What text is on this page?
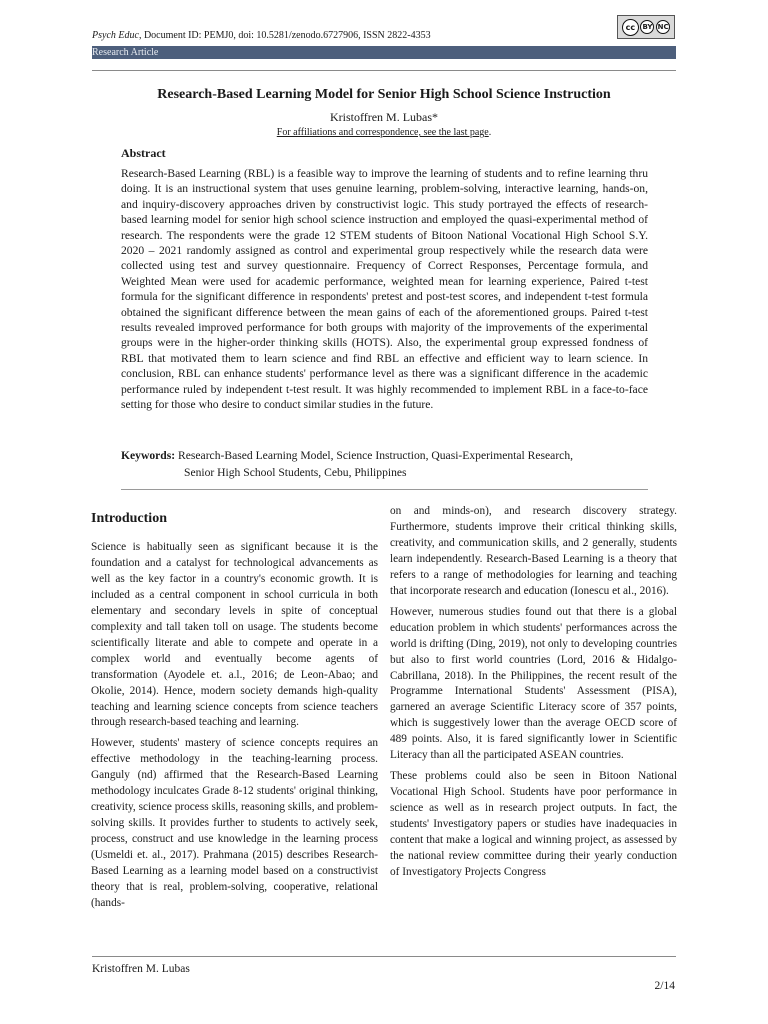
Psych Educ, Document ID: PEMJ0, doi: 10.5281/zenodo.6727906, ISSN 2822-4353
cc	BY NC
Research Article
Research-Based Learning Model for Senior High School Science Instruction
Kristoffren M. Lubas*
For affiliations and correspondence, see the last page.
Abstract
Research-Based Learning (RBL) is a feasible way to improve the learning of students and to refine learning thru doing. It is an instructional system that uses genuine learning, problem-solving, interactive learning, hands-on, and inquiry-discovery approaches driven by constructivist logic. This study portrayed the effects of research-based learning model for senior high school science instruction and employed the quasi-experimental method of research. The respondents were the grade 12 STEM students of Bitoon National Vocational High School S.Y. 2020 – 2021 randomly assigned as control and experimental group respectively while the research data were collected using test and survey questionnaire. Frequency of Correct Responses, Percentage formula, and Weighted Mean were used for academic performance, weighted mean for learning experience, Paired t-test formula for the significant difference in respondents' pretest and post-test scores, and independent t-test formula obtained the significant difference between the mean gains of each of the aforementioned groups. Paired t-test results revealed improved performance for both groups with majority of the improvements of the experimental groups were in the higher-order thinking skills (HOTS). Also, the experimental group expressed fondness of RBL that motivated them to learn science and find RBL an effective and efficient way to learn science. In conclusion, RBL can enhance students' performance level as there was a significant difference in the academic performance ruled by independent t-test result. It was highly recommended to implement RBL in a face-to-face setting for those who desire to conduct similar studies in the future.
Keywords: Research-Based Learning Model, Science Instruction, Quasi-Experimental Research,
Senior High School Students, Cebu, Philippines
Introduction

Science is habitually seen as significant because it is the foundation and a catalyst for technological advancements as well as the key factor in a country's economic growth. It is included as a central component in school curricula in both elementary and secondary levels in spite of conceptual complexity and tall taken toll on usage. The students become scientifically literate and able to compete and operate in a complex world and eventually become agents of transformation (Ayodele et. a.l., 2016; de Leon-Abao; and Okolie, 2014). Hence, modern society demands high-quality teaching and learning science concepts from science teachers through research-based teaching and learning.

However, students' mastery of science concepts requires an effective methodology in the teaching-learning process. Ganguly (nd) affirmed that the Research-Based Learning methodology inculcates Grade 8-12 students' original thinking, creativity, science process skills, reasoning skills, and problem-solving skills. It provides further to students to actively seek, process, construct and use knowledge in the learning process (Usmeldi et. al., 2017). Prahmana (2015) describes Research-Based Learning as a learning model based on a constructivist theory that is real, problem-solving, cooperative, relational (hands-

on and minds-on), and research discovery strategy. Furthermore, students improve their critical thinking skills, creativity, and communication skills, and 2 generally, students learn independently. Research-Based Learning is a theory that refers to a range of methodologies for learning and teaching that incorporate research and education (Ionescu et al., 2016).

However, numerous studies found out that there is a global education problem in which students' performances across the world is drifting (Ding, 2019), not only to developing countries but also to first world countries (Lord, 2016 & Hidalgo-Cabrillana, 2018). In the Philippines, the recent result of the Programme International Students' Assessment (PISA), garnered an average Scientific Literacy score of 357 points, which is suggestively lower than the average OECD score of 489 points. Also, it is fared significantly lower in Scientific Literacy than all the participated ASEAN countries.

These problems could also be seen in Bitoon National Vocational High School. Students have poor performance in science as well as in research project outputs. In fact, the students' Investigatory papers or studies have inadequacies in content that make a logical and winning project, as assessed by the national review committee during their yearly conduction of Investigatory Projects Congress

Kristoffren M. Lubas
2/14
